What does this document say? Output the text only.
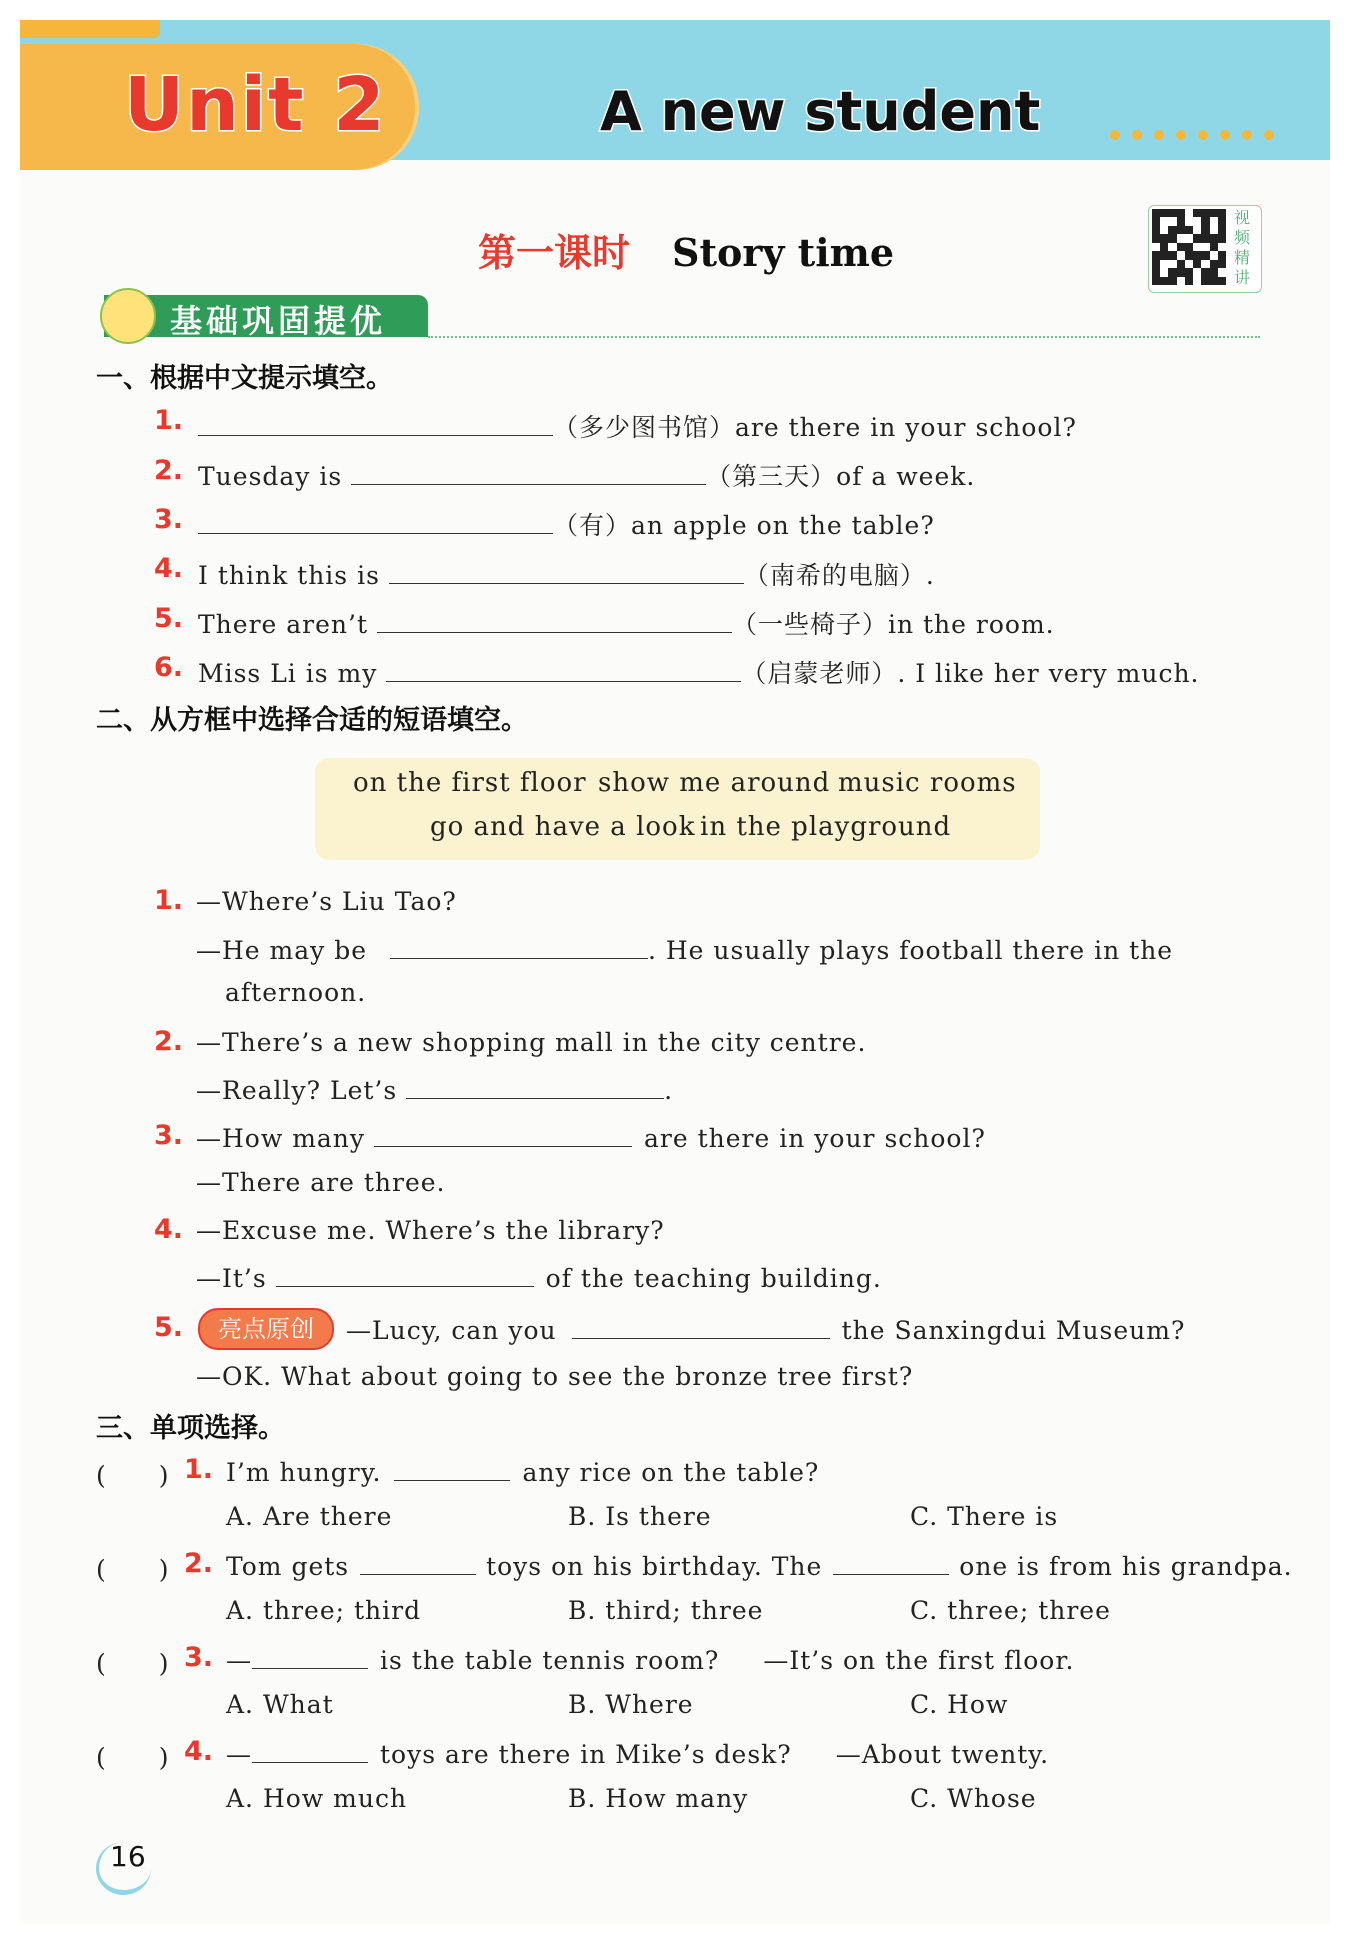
Unit 2	A new student
第一课时 Story time
视频精讲
基础巩固提优
一、根据中文提示填空。
1.	（多少图书馆）are there in your school?
2. Tuesday is	（第三天）of a week.
3.	（有）an apple on the table?
4. I think this is	（南希的电脑）.
5. There aren’t	（一些椅子）in the room.
6. Miss Li is my	（启蒙老师）. I like her very much.
二、从方框中选择合适的短语填空。
on the first floor show me around music rooms
go and have a look in the playground
1. —Where’s Liu Tao?
—He may be	. He usually plays football there in the
afternoon.
2. —There’s a new shopping mall in the city centre.
—Really? Let’s	.
3. —How many	are there in your school?
—There are three.
4. —Excuse me. Where’s the library?
—It’s	of the teaching building.
5.	亮点原创	—Lucy, can you	the Sanxingdui Museum?
—OK. What about going to see the bronze tree first?
三、单项选择。
(　　) 1. I’m hungry.	any rice on the table?
A. Are there	B. Is there	C. There is
(　　) 2. Tom gets	toys on his birthday. The	one is from his grandpa.
A. three; third	B. third; three	C. three; three
(　　) 3. —	is the table tennis room? —It’s on the first floor.
A. What	B. Where	C. How
(　　) 4. —	toys are there in Mike’s desk? —About twenty.
A. How much	B. How many	C. Whose
16
